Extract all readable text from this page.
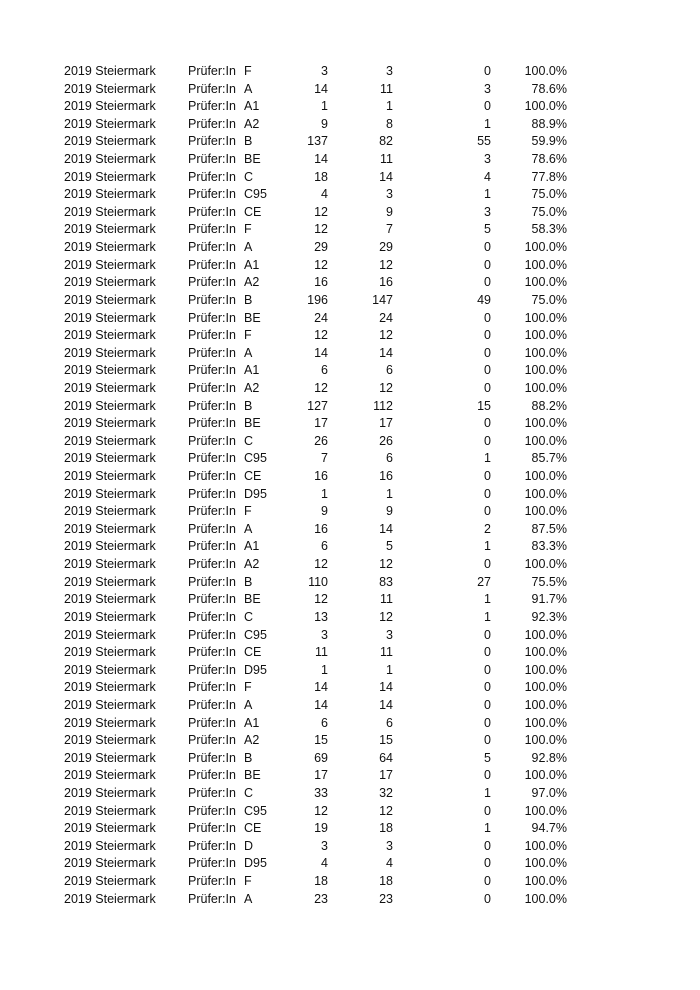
2019 Steiermark	Prüfer:In F	3	3	0	100.0%
2019 Steiermark	Prüfer:In A	14	11	3	78.6%
2019 Steiermark	Prüfer:In A1	1	1	0	100.0%
2019 Steiermark	Prüfer:In A2	9	8	1	88.9%
2019 Steiermark	Prüfer:In B	137	82	55	59.9%
2019 Steiermark	Prüfer:In BE	14	11	3	78.6%
2019 Steiermark	Prüfer:In C	18	14	4	77.8%
2019 Steiermark	Prüfer:In C95	4	3	1	75.0%
2019 Steiermark	Prüfer:In CE	12	9	3	75.0%
2019 Steiermark	Prüfer:In F	12	7	5	58.3%
2019 Steiermark	Prüfer:In A	29	29	0	100.0%
2019 Steiermark	Prüfer:In A1	12	12	0	100.0%
2019 Steiermark	Prüfer:In A2	16	16	0	100.0%
2019 Steiermark	Prüfer:In B	196	147	49	75.0%
2019 Steiermark	Prüfer:In BE	24	24	0	100.0%
2019 Steiermark	Prüfer:In F	12	12	0	100.0%
2019 Steiermark	Prüfer:In A	14	14	0	100.0%
2019 Steiermark	Prüfer:In A1	6	6	0	100.0%
2019 Steiermark	Prüfer:In A2	12	12	0	100.0%
2019 Steiermark	Prüfer:In B	127	112	15	88.2%
2019 Steiermark	Prüfer:In BE	17	17	0	100.0%
2019 Steiermark	Prüfer:In C	26	26	0	100.0%
2019 Steiermark	Prüfer:In C95	7	6	1	85.7%
2019 Steiermark	Prüfer:In CE	16	16	0	100.0%
2019 Steiermark	Prüfer:In D95	1	1	0	100.0%
2019 Steiermark	Prüfer:In F	9	9	0	100.0%
2019 Steiermark	Prüfer:In A	16	14	2	87.5%
2019 Steiermark	Prüfer:In A1	6	5	1	83.3%
2019 Steiermark	Prüfer:In A2	12	12	0	100.0%
2019 Steiermark	Prüfer:In B	110	83	27	75.5%
2019 Steiermark	Prüfer:In BE	12	11	1	91.7%
2019 Steiermark	Prüfer:In C	13	12	1	92.3%
2019 Steiermark	Prüfer:In C95	3	3	0	100.0%
2019 Steiermark	Prüfer:In CE	11	11	0	100.0%
2019 Steiermark	Prüfer:In D95	1	1	0	100.0%
2019 Steiermark	Prüfer:In F	14	14	0	100.0%
2019 Steiermark	Prüfer:In A	14	14	0	100.0%
2019 Steiermark	Prüfer:In A1	6	6	0	100.0%
2019 Steiermark	Prüfer:In A2	15	15	0	100.0%
2019 Steiermark	Prüfer:In B	69	64	5	92.8%
2019 Steiermark	Prüfer:In BE	17	17	0	100.0%
2019 Steiermark	Prüfer:In C	33	32	1	97.0%
2019 Steiermark	Prüfer:In C95	12	12	0	100.0%
2019 Steiermark	Prüfer:In CE	19	18	1	94.7%
2019 Steiermark	Prüfer:In D	3	3	0	100.0%
2019 Steiermark	Prüfer:In D95	4	4	0	100.0%
2019 Steiermark	Prüfer:In F	18	18	0	100.0%
2019 Steiermark	Prüfer:In A	23	23	0	100.0%
